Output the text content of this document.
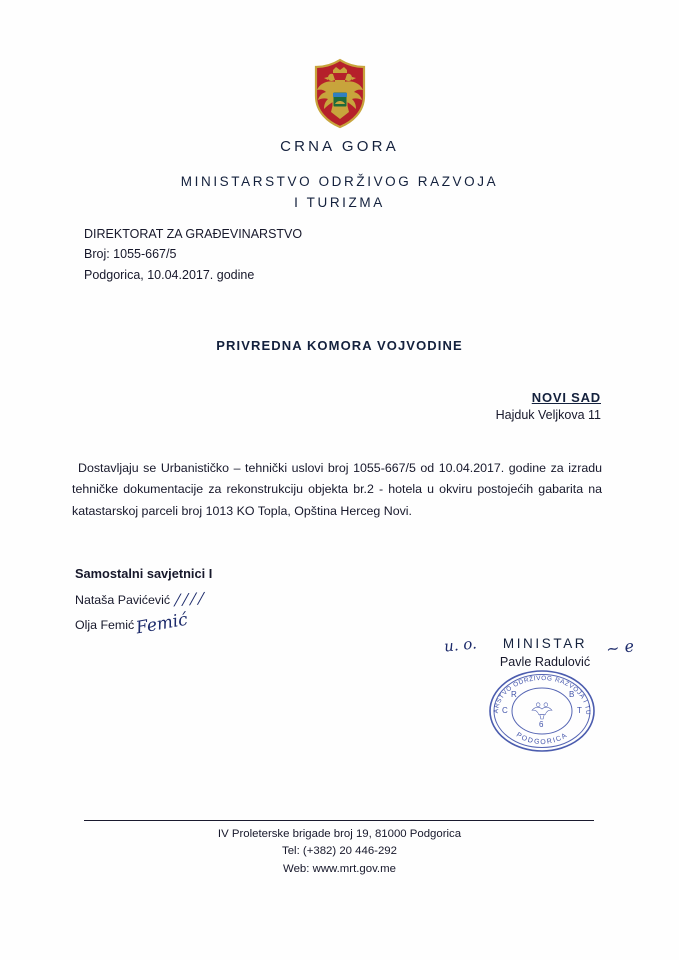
CRNA GORA
MINISTARSTVO ODRŽIVOG RAZVOJA
I TURIZMA
DIREKTORAT ZA GRAĐEVINARSTVO
Broj: 1055-667/5
Podgorica, 10.04.2017. godine
PRIVREDNA KOMORA VOJVODINE
NOVI SAD
Hajduk Veljkova 11
Dostavljaju se Urbanističko – tehnički uslovi broj 1055-667/5 od 10.04.2017. godine za izradu tehničke dokumentacije za rekonstrukciju objekta br.2 - hotela u okviru postojećih gabarita na katastarskoj parceli broj 1013 KO Topla, Opština Herceg Novi.
Samostalni savjetnici I
Nataša Pavićević / / / /
Olja FemićFemić
u. o.	~ e
MINISTAR
Pavle Radulović
MINISTARSTVO ODRŽIVOG RAZVOJA I TURIZMA
PODGORICA
C	T
R	B
6
IV Proleterske brigade broj 19, 81000 Podgorica
Tel: (+382) 20 446-292
Web: www.mrt.gov.me
